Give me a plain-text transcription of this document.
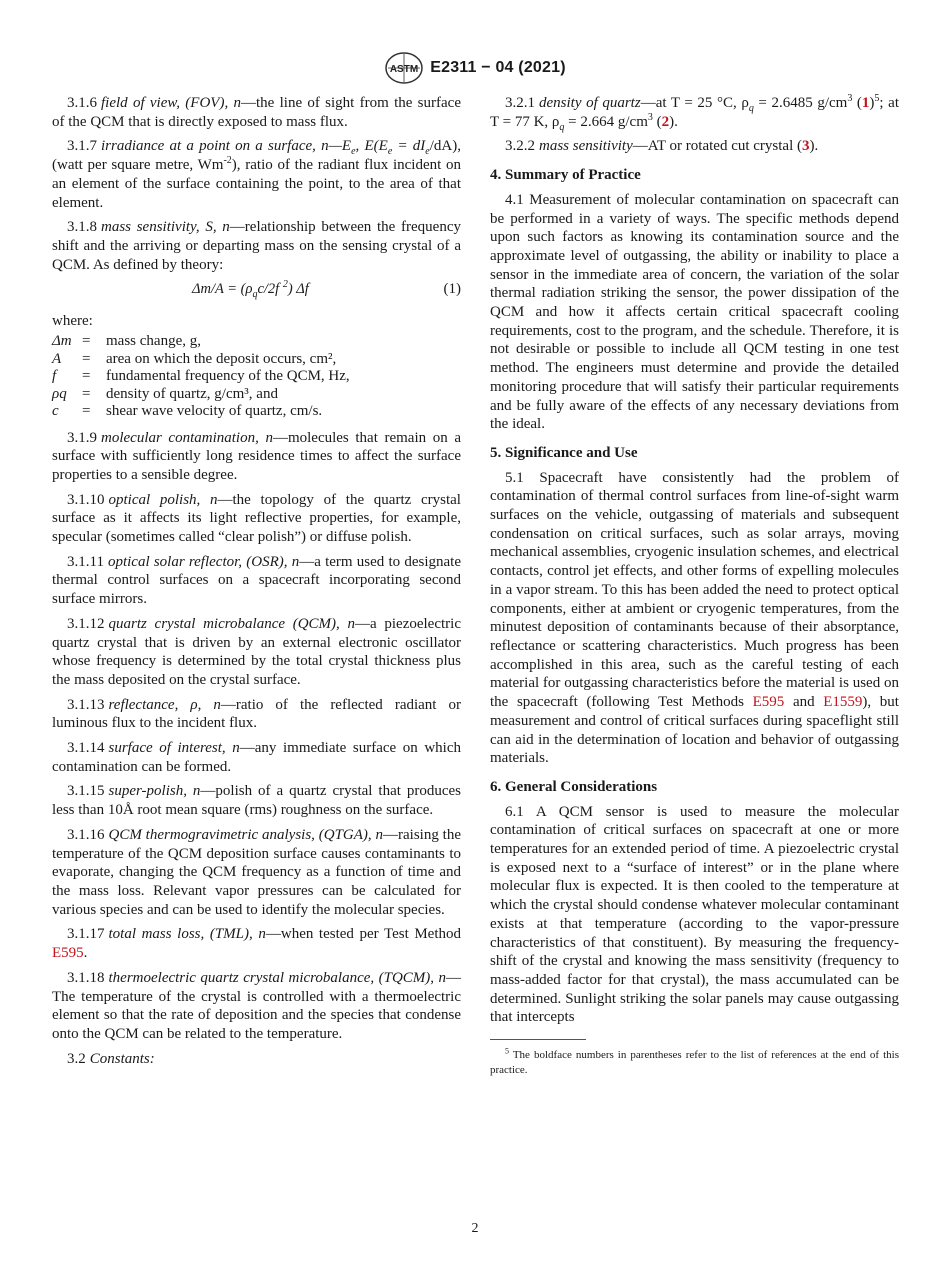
ASTM E2311 − 04 (2021)

3.1.6 field of view, (FOV), n—the line of sight from the surface of the QCM that is directly exposed to mass flux.

3.1.7 irradiance at a point on a surface, $n—E_e$, $E(E_e = dI_e/dA)$, (watt per square metre, $Wm^{-2}$), ratio of the radiant flux incident on an element of the surface containing the point, to the area of that element.

3.1.8 mass sensitivity, S, n—relationship between the frequency shift and the arriving or departing mass on the sensing crystal of a QCM. As defined by theory:

$\Delta m/A = (\rho_qc/2f$ $^2$) Δf	(1)
where:
Δm =	mass change, g,
A	=	area on which the deposit occurs, cm²,
f	=	fundamental frequency of the QCM, Hz,
ρq	=	density of quartz, g/cm³, and
c	=	shear wave velocity of quartz, cm/s.

3.1.9 molecular contamination, n—molecules that remain on a surface with sufficiently long residence times to affect the surface properties to a sensible degree.

3.1.10 optical polish, n—the topology of the quartz crystal surface as it affects its light reflective properties, for example, specular (sometimes called “clear polish”) or diffuse polish.

3.1.11 optical solar reflector, (OSR), n—a term used to designate thermal control surfaces on a spacecraft incorporating second surface mirrors.

3.1.12 quartz crystal microbalance (QCM), n—a piezoelectric quartz crystal that is driven by an external electronic oscillator whose frequency is determined by the total crystal thickness plus the mass deposited on the crystal surface.

3.1.13 reflectance, ρ, n—ratio of the reflected radiant or luminous flux to the incident flux.

3.1.14 surface of interest, n—any immediate surface on which contamination can be formed.

3.1.15 super-polish, n—polish of a quartz crystal that produces less than 10Å root mean square (rms) roughness on the surface.

3.1.16 QCM thermogravimetric analysis, (QTGA), n—raising the temperature of the QCM deposition surface causes contaminants to evaporate, changing the QCM frequency as a function of time and the mass loss. Relevant vapor pressures can be calculated for various species and can be used to identify the molecular species.

3.1.17 total mass loss, (TML), n—when tested per Test Method E595.

3.1.18 thermoelectric quartz crystal microbalance, (TQCM), n—The temperature of the crystal is controlled with a thermoelectric element so that the rate of deposition and the species that condense onto the QCM can be related to the temperature.

3.2 Constants:

3.2.1 density of quartz—at T = 25 °C, $\rho_q = 2.6485$ $g/cm^3$ $(1)^5$; at T = 77 K, $\rho_q = 2.664$ $g/cm^3$ (2).

3.2.2 mass sensitivity—AT or rotated cut crystal (3).

4. Summary of Practice

4.1 Measurement of molecular contamination on spacecraft can be performed in a variety of ways. The specific methods depend upon such factors as knowing its contamination source and the approximate level of outgassing, the ability or inability to place a sensor in the immediate area of concern, the variation of the solar thermal radiation striking the sensor, the power dissipation of the QCM and how it affects certain critical spacecraft cooling requirements, cost to the program, and the schedule. Therefore, it is not desirable or possible to include all QCM testing in one test method. The engineers must determine and provide the detailed monitoring procedure that will satisfy their particular requirements and be fully aware of the effects of any necessary deviations from the ideal.

5. Significance and Use

5.1 Spacecraft have consistently had the problem of contamination of thermal control surfaces from line-of-sight warm surfaces on the vehicle, outgassing of materials and subsequent condensation on critical surfaces, such as solar arrays, moving mechanical assemblies, cryogenic insulation schemes, and electrical contacts, control jet effects, and other forms of expelling molecules in a vapor stream. To this has been added the need to protect optical components, either at ambient or cryogenic temperatures, from the minutest deposition of contaminants because of their absorptance, reflectance or scattering characteristics. Much progress has been accomplished in this area, such as the careful testing of each material for outgassing characteristics before the material is used on the spacecraft (following Test Methods E595 and E1559), but measurement and control of critical surfaces during spaceflight still can aid in the determination of location and behavior of outgassing materials.

6. General Considerations

6.1 A QCM sensor is used to measure the molecular contamination of critical surfaces on spacecraft at one or more temperatures for an extended period of time. A piezoelectric crystal is exposed next to a “surface of interest” or in the plane where molecular flux is expected. It is then cooled to the temperature at which the crystal should condense whatever molecular contaminant exists at that temperature (according to the vapor-pressure characteristics of that constituent). By measuring the frequency-shift of the crystal and knowing the mass sensitivity (frequency to mass-added factor for that crystal), the mass accumulated can be determined. Sunlight striking the solar panels may cause outgassing that intercepts

$^5$ The boldface numbers in parentheses refer to the list of references at the end of this practice.

2
